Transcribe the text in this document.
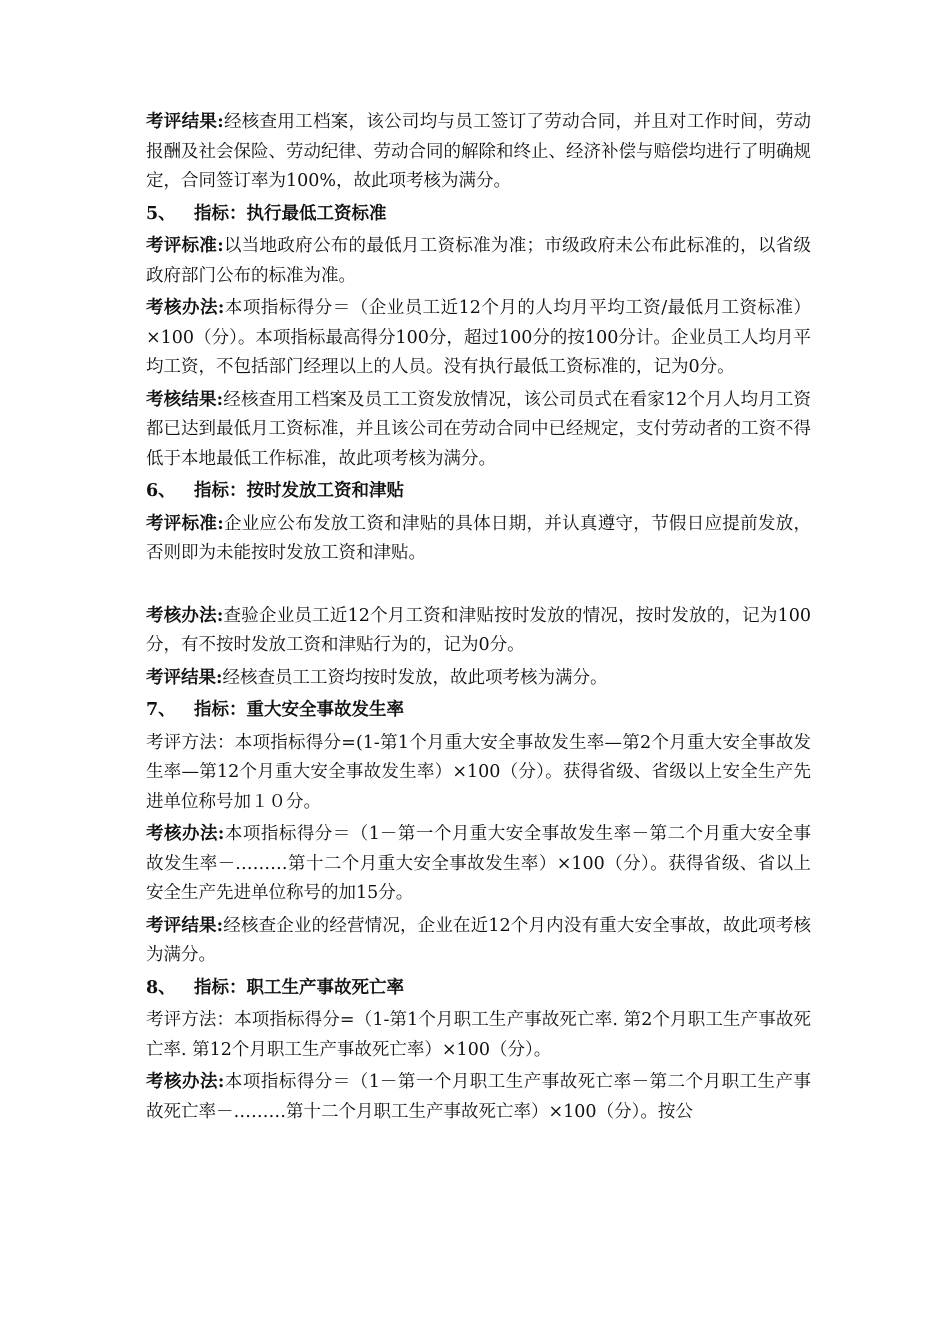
考评结果:经核查用工档案，该公司均与员工签订了劳动合同，并且对工作时间，劳动报酬及社会保险、劳动纪律、劳动合同的解除和终止、经济补偿与赔偿均进行了明确规定，合同签订率为100%，故此项考核为满分。

5、 指标：执行最低工资标准

考评标准:以当地政府公布的最低月工资标准为准；市级政府未公布此标准的，以省级政府部门公布的标准为准。

考核办法:本项指标得分＝（企业员工近12个月的人均月平均工资/最低月工资标准）×100（分）。本项指标最高得分100分，超过100分的按100分计。企业员工人均月平均工资，不包括部门经理以上的人员。没有执行最低工资标准的，记为0分。

考核结果:经核查用工档案及员工工资发放情况，该公司员式在看家12个月人均月工资都已达到最低月工资标准，并且该公司在劳动合同中已经规定，支付劳动者的工资不得低于本地最低工作标准，故此项考核为满分。

6、 指标：按时发放工资和津贴

考评标准:企业应公布发放工资和津贴的具体日期，并认真遵守，节假日应提前发放，否则即为未能按时发放工资和津贴。

考核办法:查验企业员工近12个月工资和津贴按时发放的情况，按时发放的，记为100分，有不按时发放工资和津贴行为的，记为0分。

考评结果:经核查员工工资均按时发放，故此项考核为满分。

7、 指标：重大安全事故发生率

考评方法：本项指标得分=(1-第1个月重大安全事故发生率—第2个月重大安全事故发生率—第12个月重大安全事故发生率）×100（分）。获得省级、省级以上安全生产先进单位称号加１０分。

考核办法:本项指标得分＝（1－第一个月重大安全事故发生率－第二个月重大安全事故发生率－………第十二个月重大安全事故发生率）×100（分）。获得省级、省以上安全生产先进单位称号的加15分。

考评结果:经核查企业的经营情况，企业在近12个月内没有重大安全事故，故此项考核为满分。

8、 指标：职工生产事故死亡率

考评方法：本项指标得分=（1-第1个月职工生产事故死亡率. 第2个月职工生产事故死亡率. 第12个月职工生产事故死亡率）×100（分）。

考核办法:本项指标得分＝（1－第一个月职工生产事故死亡率－第二个月职工生产事故死亡率－………第十二个月职工生产事故死亡率）×100（分）。按公
